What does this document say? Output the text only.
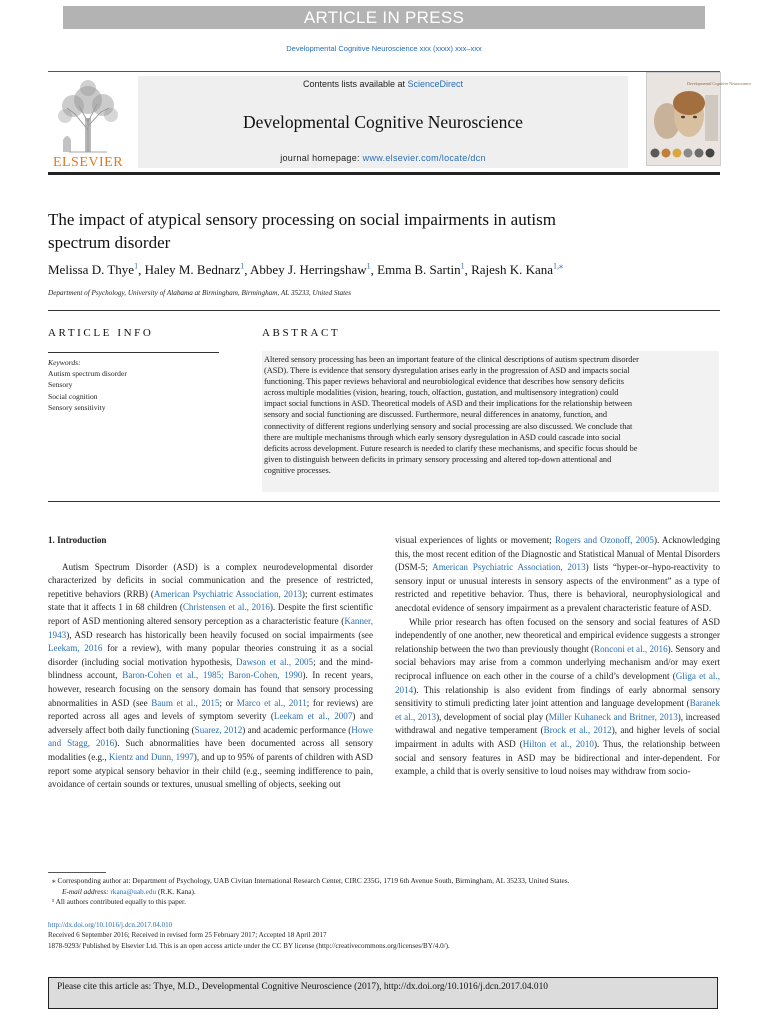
ARTICLE IN PRESS
Developmental Cognitive Neuroscience xxx (xxxx) xxx–xxx
ELSEVIER
Contents lists available at ScienceDirect
Developmental Cognitive Neuroscience
journal homepage: www.elsevier.com/locate/dcn
Developmental Cognitive Neuroscience
The impact of atypical sensory processing on social impairments in autism
spectrum disorder
Melissa D. Thye$^1$, Haley M. Bednarz$^1$, Abbey J. Herringshaw$^1$, Emma B. Sartin$^1$, Rajesh K. Kana$^{1,⁎}$
Department of Psychology, University of Alabama at Birmingham, Birmingham, AL 35233, United States
ARTICLE INFO	ABSTRACT
Keywords:
Autism spectrum disorder
Sensory
Social cognition
Sensory sensitivity
Altered sensory processing has been an important feature of the clinical descriptions of autism spectrum disorder
(ASD). There is evidence that sensory dysregulation arises early in the progression of ASD and impacts social
functioning. This paper reviews behavioral and neurobiological evidence that describes how sensory deficits
across multiple modalities (vision, hearing, touch, olfaction, gustation, and multisensory integration) could
impact social functions in ASD. Theoretical models of ASD and their implications for the relationship between
sensory and social functioning are discussed. Furthermore, neural differences in anatomy, function, and
connectivity of different regions underlying sensory and social processing are also discussed. We conclude that
there are multiple mechanisms through which early sensory dysregulation in ASD could cascade into social
deficits across development. Future research is needed to clarify these mechanisms, and specific focus should be
given to distinguish between deficits in primary sensory processing and altered top-down attentional and
cognitive processes.

1. Introduction

Autism Spectrum Disorder (ASD) is a complex neurodevelopmental disorder characterized by deficits in social communication and the presence of restricted, repetitive behaviors (RRB) (American Psychiatric Association, 2013); current estimates state that it affects 1 in 68 children (Christensen et al., 2016). Despite the first scientific report of ASD mentioning altered sensory perception as a characteristic feature (Kanner, 1943), ASD research has historically been heavily focused on social impairments (see Leekam, 2016 for a review), with many popular theories construing it as a social disorder (including social motivation hypothesis, Dawson et al., 2005; and the mind-blindness account, Baron-Cohen et al., 1985; Baron-Cohen, 1990). In recent years, however, research focusing on the sensory domain has found that sensory processing abnormalities in ASD (see Baum et al., 2015; or Marco et al., 2011; for reviews) are reported across all ages and levels of symptom severity (Leekam et al., 2007) and adversely affect both daily functioning (Suarez, 2012) and academic performance (Howe and Stagg, 2016). Such abnormalities have been documented across all sensory modalities (e.g., Kientz and Dunn, 1997), and up to 95% of parents of children with ASD report some atypical sensory behavior in their child (e.g., seeming indifference to pain, avoidance of certain sounds or textures, unusual smelling of objects, seeking out

visual experiences of lights or movement; Rogers and Ozonoff, 2005). Acknowledging this, the most recent edition of the Diagnostic and Statistical Manual of Mental Disorders (DSM-5; American Psychiatric Association, 2013) lists “hyper-or–hypo-reactivity to sensory input or unusual interests in sensory aspects of the environment” as a type of restricted and repetitive behavior. Thus, there is behavioral, neurophysiological and anecdotal evidence of sensory impairment as a prevalent characteristic feature of ASD.

While prior research has often focused on the sensory and social features of ASD independently of one another, new theoretical and empirical evidence suggests a stronger relationship between the two than previously thought (Ronconi et al., 2016). Sensory and social behaviors may arise from a common underlying mechanism and/or may exert reciprocal influence on each other in the course of a child’s development (Gliga et al., 2014). This relationship is also evident from findings of early abnormal sensory sensitivity to stimuli predicting later joint attention and language development (Baranek et al., 2013), development of social play (Miller Kuhaneck and Britner, 2013), increased withdrawal and negative temperament (Brock et al., 2012), and higher levels of social impairment in adults with ASD (Hilton et al., 2010). Thus, the relationship between social and sensory features in ASD may be bidirectional and inter-dependent. For example, a child that is overly sensitive to loud noises may withdraw from socio-

⁎ Corresponding author at: Department of Psychology, UAB Civitan International Research Center, CIRC 235G, 1719 6th Avenue South, Birmingham, AL 35233, United States.
E-mail address: rkana@uab.edu (R.K. Kana).
¹ All authors contributed equally to this paper.
http://dx.doi.org/10.1016/j.dcn.2017.04.010
Received 6 September 2016; Received in revised form 25 February 2017; Accepted 18 April 2017
1878-9293/ Published by Elsevier Ltd. This is an open access article under the CC BY license (http://creativecommons.org/licenses/BY/4.0/).
Please cite this article as: Thye, M.D., Developmental Cognitive Neuroscience (2017), http://dx.doi.org/10.1016/j.dcn.2017.04.010
